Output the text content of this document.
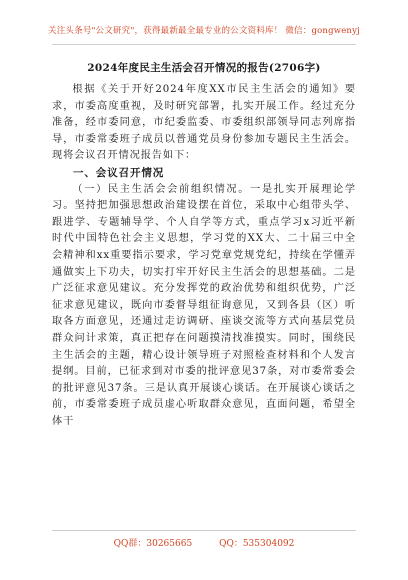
关注头条号"公文研究"，获得最新最全最专业的公文资料库！ 微信：gongwenyj
2024年度民主生活会召开情况的报告(2706字)

根据《关于开好2024年度XX市民主生活会的通知》要求，市委高度重视，及时研究部署，扎实开展工作。经过充分准备，经市委同意，市纪委监委、市委组织部领导同志列席指导，市委常委班子成员以普通党员身份参加专题民主生活会。现将会议召开情况报告如下：

一、会议召开情况

（一）民主生活会会前组织情况。一是扎实开展理论学习。坚持把加强思想政治建设摆在首位，采取中心组带头学、跟进学、专题辅导学、个人自学等方式，重点学习x习近平新时代中国特色社会主义思想，学习党的XX大、二十届三中全会精神和xx重要指示要求，学习党章党规党纪，持续在学懂弄通做实上下功夫，切实打牢开好民主生活会的思想基础。二是广泛征求意见建议。充分发挥党的政治优势和组织优势，广泛征求意见建议，既向市委督导组征询意见，又到各县（区）听取各方面意见，还通过走访调研、座谈交流等方式向基层党员群众问计求策，真正把存在问题摸清找准摸实。同时，围绕民主生活会的主题，精心设计领导班子对照检查材料和个人发言提纲。目前，已征求到对市委的批评意见37条，对市委常委会的批评意见37条。三是认真开展谈心谈话。在开展谈心谈话之前，市委常委班子成员虚心听取群众意见，直面问题，希望全体干

QQ群：30265665	QQ：535304092
